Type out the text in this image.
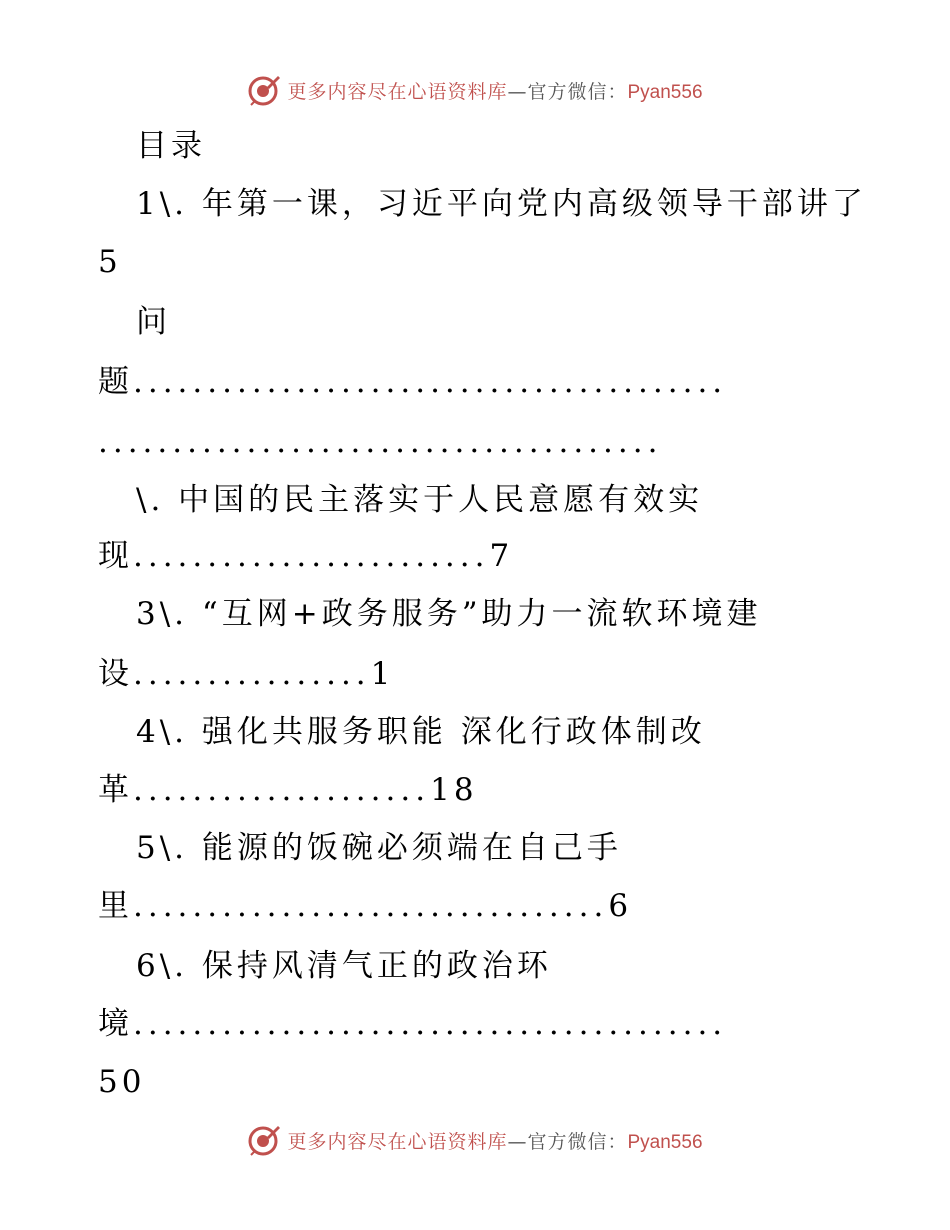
更多内容尽在心语资料库—官方微信：Pyan556
目录
1\. 年第一课，习近平向党内高级领导干部讲了
5
问
题........................................
......................................
\. 中国的民主落实于人民意愿有效实
现........................7
3\. “互网+政务服务”助力一流软环境建
设................1
4\. 强化共服务职能 深化行政体制改
革....................18
5\. 能源的饭碗必须端在自己手
里................................6
6\. 保持风清气正的政治环
境........................................
50
更多内容尽在心语资料库—官方微信：Pyan556
